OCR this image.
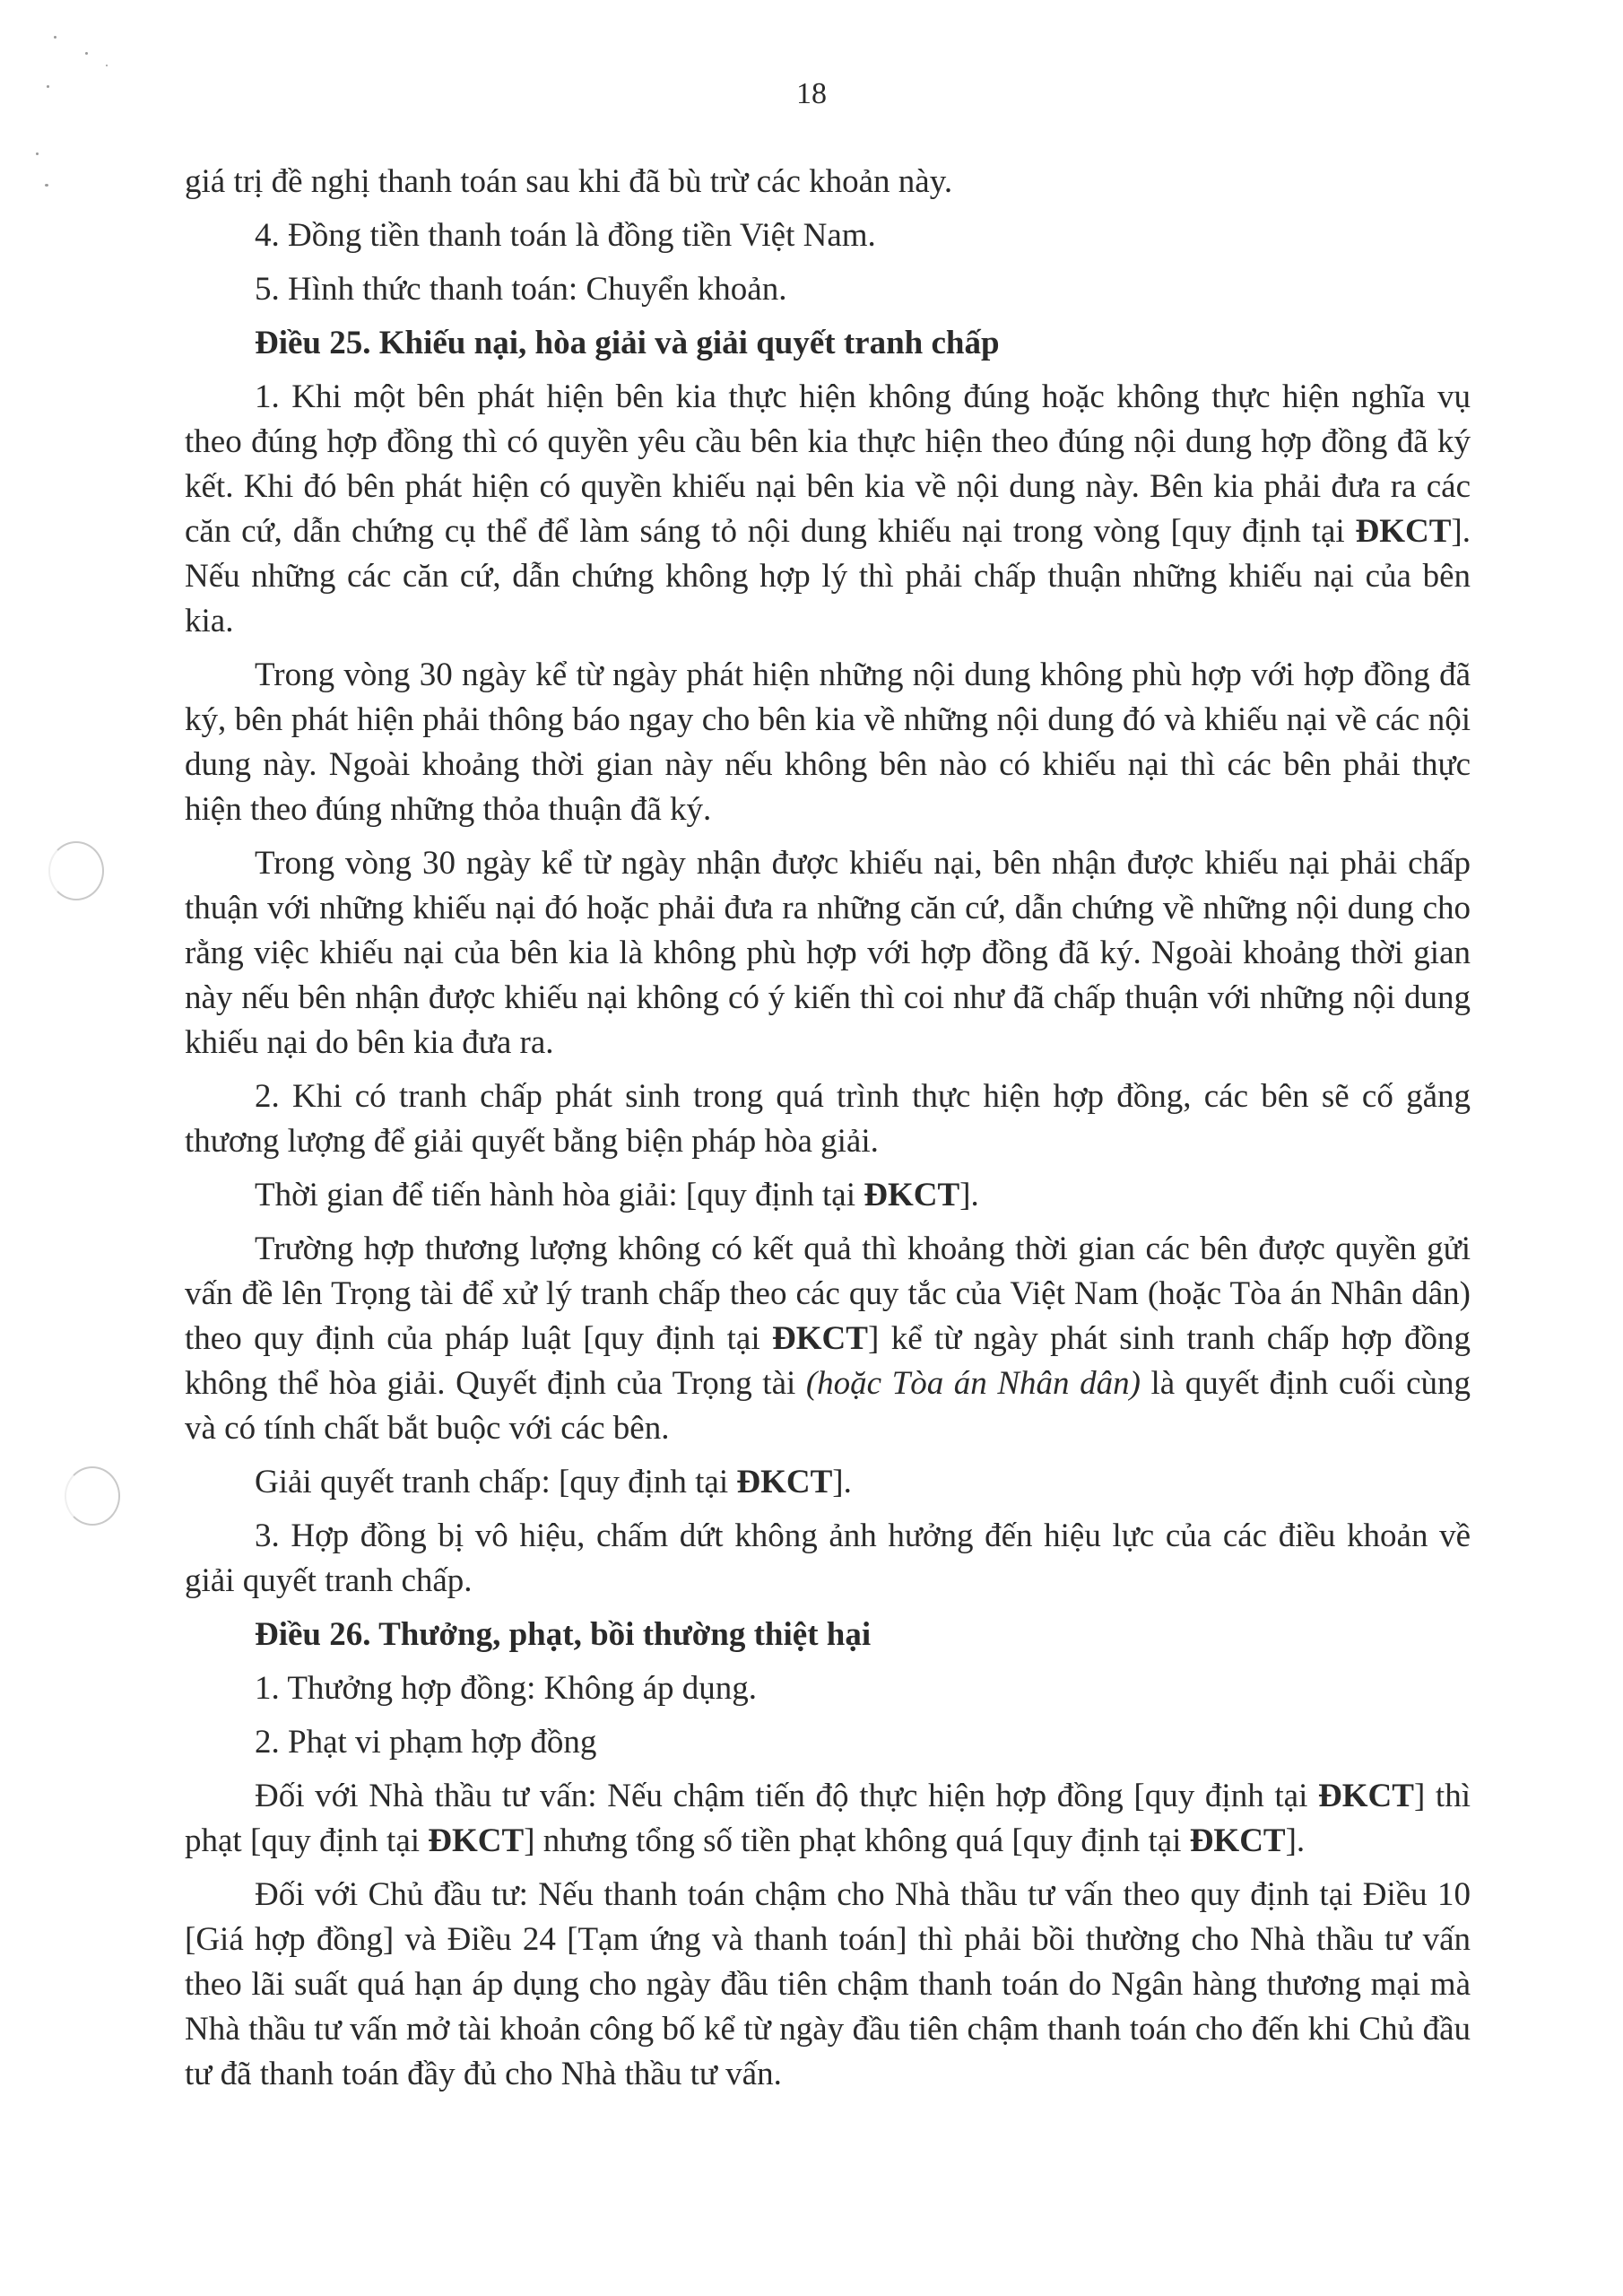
18

giá trị đề nghị thanh toán sau khi đã bù trừ các khoản này.

4. Đồng tiền thanh toán là đồng tiền Việt Nam.

5. Hình thức thanh toán: Chuyển khoản.

Điều 25. Khiếu nại, hòa giải và giải quyết tranh chấp

1. Khi một bên phát hiện bên kia thực hiện không đúng hoặc không thực hiện nghĩa vụ theo đúng hợp đồng thì có quyền yêu cầu bên kia thực hiện theo đúng nội dung hợp đồng đã ký kết. Khi đó bên phát hiện có quyền khiếu nại bên kia về nội dung này. Bên kia phải đưa ra các căn cứ, dẫn chứng cụ thể để làm sáng tỏ nội dung khiếu nại trong vòng [quy định tại ĐKCT]. Nếu những các căn cứ, dẫn chứng không hợp lý thì phải chấp thuận những khiếu nại của bên kia.

Trong vòng 30 ngày kể từ ngày phát hiện những nội dung không phù hợp với hợp đồng đã ký, bên phát hiện phải thông báo ngay cho bên kia về những nội dung đó và khiếu nại về các nội dung này. Ngoài khoảng thời gian này nếu không bên nào có khiếu nại thì các bên phải thực hiện theo đúng những thỏa thuận đã ký.

Trong vòng 30 ngày kể từ ngày nhận được khiếu nại, bên nhận được khiếu nại phải chấp thuận với những khiếu nại đó hoặc phải đưa ra những căn cứ, dẫn chứng về những nội dung cho rằng việc khiếu nại của bên kia là không phù hợp với hợp đồng đã ký. Ngoài khoảng thời gian này nếu bên nhận được khiếu nại không có ý kiến thì coi như đã chấp thuận với những nội dung khiếu nại do bên kia đưa ra.

2. Khi có tranh chấp phát sinh trong quá trình thực hiện hợp đồng, các bên sẽ cố gắng thương lượng để giải quyết bằng biện pháp hòa giải.

Thời gian để tiến hành hòa giải: [quy định tại ĐKCT].

Trường hợp thương lượng không có kết quả thì khoảng thời gian các bên được quyền gửi vấn đề lên Trọng tài để xử lý tranh chấp theo các quy tắc của Việt Nam (hoặc Tòa án Nhân dân) theo quy định của pháp luật [quy định tại ĐKCT] kể từ ngày phát sinh tranh chấp hợp đồng không thể hòa giải. Quyết định của Trọng tài (hoặc Tòa án Nhân dân) là quyết định cuối cùng và có tính chất bắt buộc với các bên.

Giải quyết tranh chấp: [quy định tại ĐKCT].

3. Hợp đồng bị vô hiệu, chấm dứt không ảnh hưởng đến hiệu lực của các điều khoản về giải quyết tranh chấp.

Điều 26. Thưởng, phạt, bồi thường thiệt hại

1. Thưởng hợp đồng: Không áp dụng.

2. Phạt vi phạm hợp đồng

Đối với Nhà thầu tư vấn: Nếu chậm tiến độ thực hiện hợp đồng [quy định tại ĐKCT] thì phạt [quy định tại ĐKCT] nhưng tổng số tiền phạt không quá [quy định tại ĐKCT].

Đối với Chủ đầu tư: Nếu thanh toán chậm cho Nhà thầu tư vấn theo quy định tại Điều 10 [Giá hợp đồng] và Điều 24 [Tạm ứng và thanh toán] thì phải bồi thường cho Nhà thầu tư vấn theo lãi suất quá hạn áp dụng cho ngày đầu tiên chậm thanh toán do Ngân hàng thương mại mà Nhà thầu tư vấn mở tài khoản công bố kể từ ngày đầu tiên chậm thanh toán cho đến khi Chủ đầu tư đã thanh toán đầy đủ cho Nhà thầu tư vấn.
